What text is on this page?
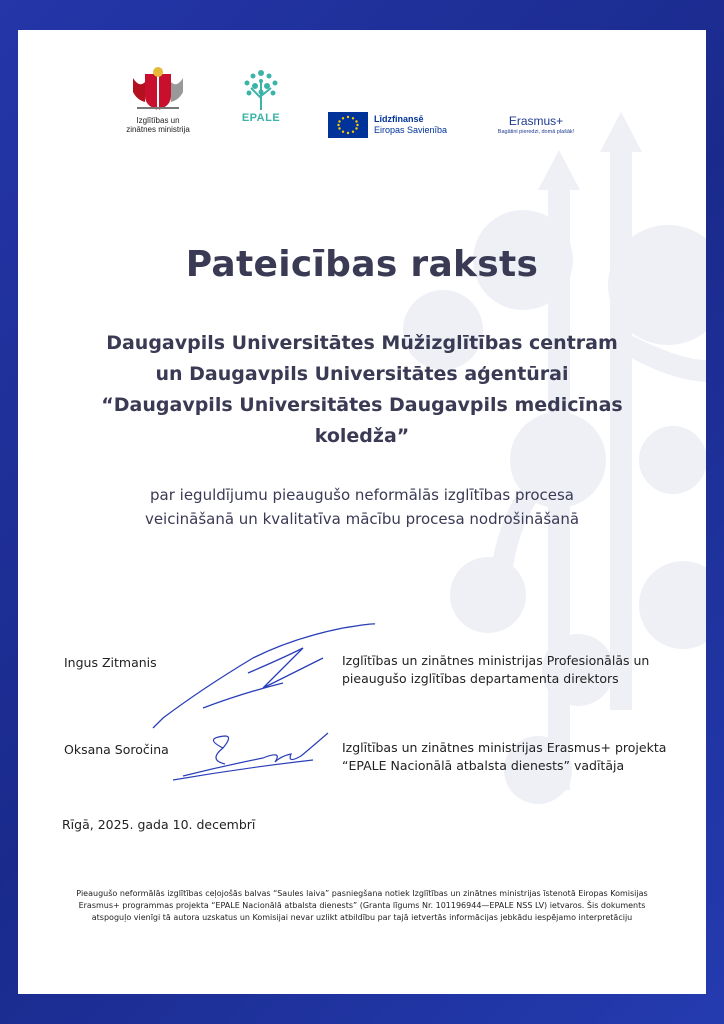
Izglītības un zinātnes ministrija
EPALE	Līdzfinansē
Eiropas Savienība
Erasmus+
Bagātini pieredzi, domā plašāk!
Pateicības raksts
Daugavpils Universitātes Mūžizglītības centram un Daugavpils Universitātes aģentūrai “Daugavpils Universitātes Daugavpils medicīnas koledža”
par ieguldījumu pieaugušo neformālās izglītības procesa veicināšanā un kvalitatīva mācību procesa nodrošināšanā
Ingus Zitmanis	Izglītības un zinātnes ministrijas Profesionālās un pieaugušo izglītības departamenta direktors
Oksana Soročina	Izglītības un zinātnes ministrijas Erasmus+ projekta “EPALE Nacionālā atbalsta dienests” vadītāja
Rīgā, 2025. gada 10. decembrī
Pieaugušo neformālās izglītības ceļojošās balvas “Saules laiva” pasniegšana notiek Izglītības un zinātnes ministrijas īstenotā Eiropas Komisijas Erasmus+ programmas projekta “EPALE Nacionālā atbalsta dienests” (Granta līgums Nr. 101196944—EPALE NSS LV) ietvaros. Šis dokuments atspoguļo vienīgi tā autora uzskatus un Komisijai nevar uzlikt atbildību par tajā ietvertās informācijas jebkādu iespējamo interpretāciju
